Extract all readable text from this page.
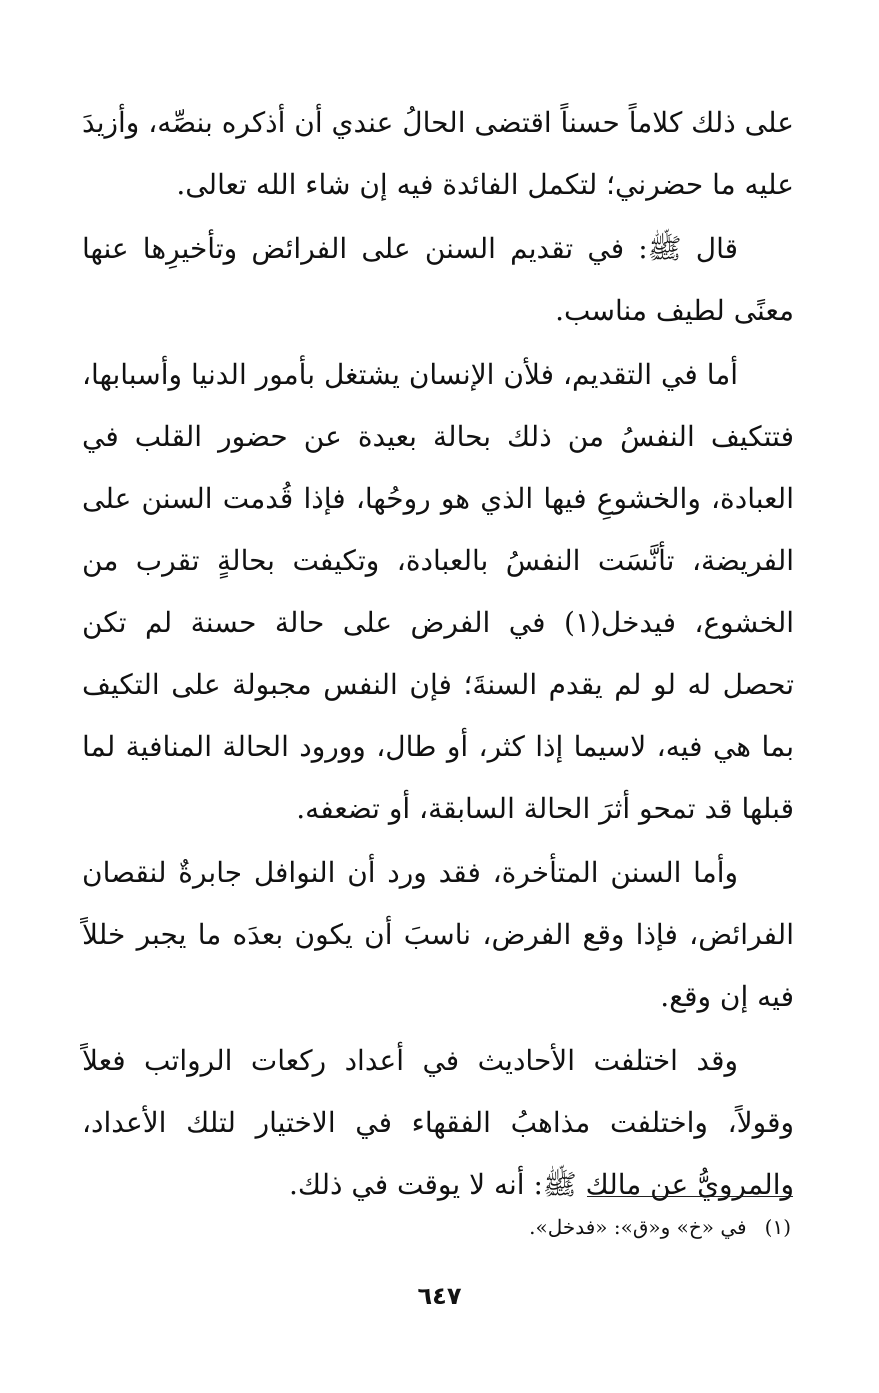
على ذلك كلاماً حسناً اقتضى الحالُ عندي أن أذكره بنصِّه، وأزيدَ عليه ما حضرني؛ لتكمل الفائدة فيه إن شاء الله تعالى.

قال ﷺ: في تقديم السنن على الفرائض وتأخيرِها عنها معنًى لطيف مناسب.

أما في التقديم، فلأن الإنسان يشتغل بأمور الدنيا وأسبابها، فتتكيف النفسُ من ذلك بحالة بعيدة عن حضور القلب في العبادة، والخشوعِ فيها الذي هو روحُها، فإذا قُدمت السنن على الفريضة، تأنَّسَت النفسُ بالعبادة، وتكيفت بحالةٍ تقرب من الخشوع، فيدخل(١) في الفرض على حالة حسنة لم تكن تحصل له لو لم يقدم السنةَ؛ فإن النفس مجبولة على التكيف بما هي فيه، لاسيما إذا كثر، أو طال، وورود الحالة المنافية لما قبلها قد تمحو أثرَ الحالة السابقة، أو تضعفه.

وأما السنن المتأخرة، فقد ورد أن النوافل جابرةٌ لنقصان الفرائض، فإذا وقع الفرض، ناسبَ أن يكون بعدَه ما يجبر خللاً فيه إن وقع.

وقد اختلفت الأحاديث في أعداد ركعات الرواتب فعلاً وقولاً، واختلفت مذاهبُ الفقهاء في الاختيار لتلك الأعداد، والمرويُّ عن مالك ﷺ: أنه لا يوقت في ذلك.

(١)في «خ» و«ق»: «فدخل».
٦٤٧
